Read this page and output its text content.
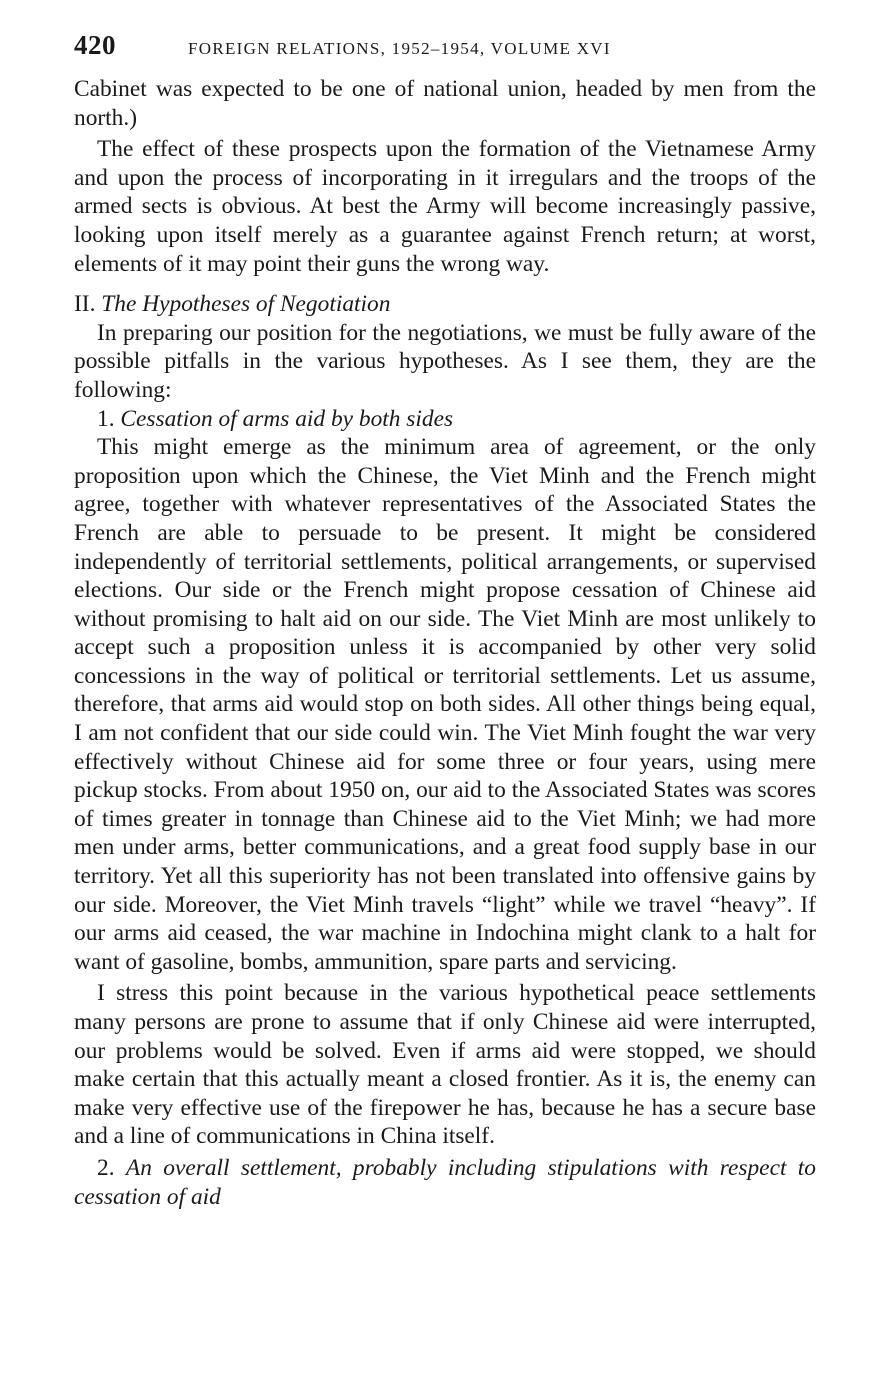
420	FOREIGN RELATIONS, 1952–1954, VOLUME XVI

Cabinet was expected to be one of national union, headed by men from the north.)

The effect of these prospects upon the formation of the Vietnamese Army and upon the process of incorporating in it irregulars and the troops of the armed sects is obvious. At best the Army will become increasingly passive, looking upon itself merely as a guarantee against French return; at worst, elements of it may point their guns the wrong way.

II. The Hypotheses of Negotiation

In preparing our position for the negotiations, we must be fully aware of the possible pitfalls in the various hypotheses. As I see them, they are the following:

1. Cessation of arms aid by both sides

This might emerge as the minimum area of agreement, or the only proposition upon which the Chinese, the Viet Minh and the French might agree, together with whatever representatives of the Associated States the French are able to persuade to be present. It might be considered independently of territorial settlements, political arrangements, or supervised elections. Our side or the French might propose cessation of Chinese aid without promising to halt aid on our side. The Viet Minh are most unlikely to accept such a proposition unless it is accompanied by other very solid concessions in the way of political or territorial settlements. Let us assume, therefore, that arms aid would stop on both sides. All other things being equal, I am not confident that our side could win. The Viet Minh fought the war very effectively without Chinese aid for some three or four years, using mere pickup stocks. From about 1950 on, our aid to the Associated States was scores of times greater in tonnage than Chinese aid to the Viet Minh; we had more men under arms, better communications, and a great food supply base in our territory. Yet all this superiority has not been translated into offensive gains by our side. Moreover, the Viet Minh travels “light” while we travel “heavy”. If our arms aid ceased, the war machine in Indochina might clank to a halt for want of gasoline, bombs, ammunition, spare parts and servicing.

I stress this point because in the various hypothetical peace settlements many persons are prone to assume that if only Chinese aid were interrupted, our problems would be solved. Even if arms aid were stopped, we should make certain that this actually meant a closed frontier. As it is, the enemy can make very effective use of the firepower he has, because he has a secure base and a line of communications in China itself.

2. An overall settlement, probably including stipulations with respect to cessation of aid
